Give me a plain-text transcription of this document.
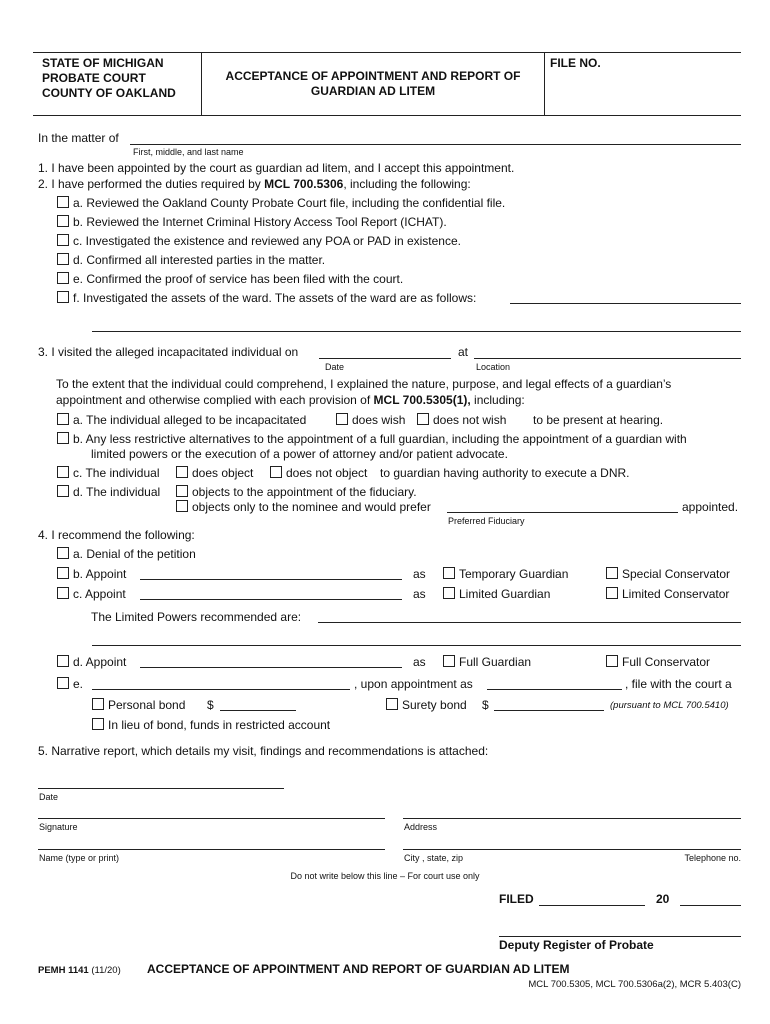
STATE OF MICHIGAN
PROBATE COURT
COUNTY OF OAKLAND
ACCEPTANCE OF APPOINTMENT AND REPORT OF
GUARDIAN AD LITEM
FILE NO.
In the matter of
First, middle, and last name
1. I have been appointed by the court as guardian ad litem, and I accept this appointment.
2. I have performed the duties required by MCL 700.5306, including the following:
a. Reviewed the Oakland County Probate Court file, including the confidential file.
b. Reviewed the Internet Criminal History Access Tool Report (ICHAT).
c. Investigated the existence and reviewed any POA or PAD in existence.
d. Confirmed all interested parties in the matter.
e. Confirmed the proof of service has been filed with the court.
f. Investigated the assets of the ward. The assets of the ward are as follows:
3. I visited the alleged incapacitated individual on	at
Date	Location
To the extent that the individual could comprehend, I explained the nature, purpose, and legal effects of a guardian’s
appointment and otherwise complied with each provision of MCL 700.5305(1), including:
a. The individual alleged to be incapacitated	does wish	does not wish to be present at hearing.
b. Any less restrictive alternatives to the appointment of a full guardian, including the appointment of a guardian with
limited powers or the execution of a power of attorney and/or patient advocate.
c. The individual	does object	does not object to guardian having authority to execute a DNR.
d. The individual	objects to the appointment of the fiduciary.
objects only to the nominee and would prefer	appointed.
Preferred Fiduciary
4. I recommend the following:
a. Denial of the petition
b. Appoint	as	Temporary Guardian	Special Conservator
c. Appoint	as	Limited Guardian	Limited Conservator
The Limited Powers recommended are:
d. Appoint	as	Full Guardian	Full Conservator
e.	, upon appointment as	, file with the court a
Personal bond $	Surety bond $	(pursuant to MCL 700.5410)
In lieu of bond, funds in restricted account
5. Narrative report, which details my visit, findings and recommendations is attached:
Date
Signature	Address
Name (type or print)	City , state, zip	Telephone no.
Do not write below this line – For court use only
FILED	20
Deputy Register of Probate
PEMH 1141 (11/20) ACCEPTANCE OF APPOINTMENT AND REPORT OF GUARDIAN AD LITEM
MCL 700.5305, MCL 700.5306a(2), MCR 5.403(C)
